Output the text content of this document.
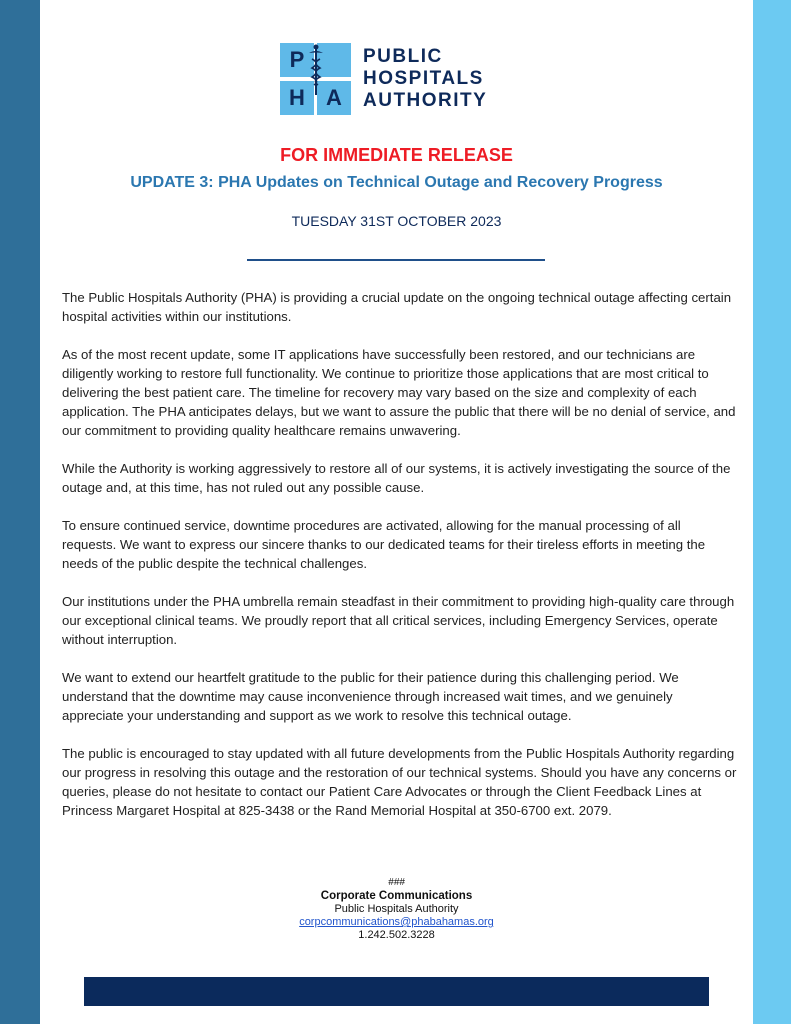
P
H A
PUBLIC
HOSPITALS
AUTHORITY
FOR IMMEDIATE RELEASE
UPDATE 3: PHA Updates on Technical Outage and Recovery Progress
TUESDAY 31ST OCTOBER 2023

The Public Hospitals Authority (PHA) is providing a crucial update on the ongoing technical outage affecting certain hospital activities within our institutions.

As of the most recent update, some IT applications have successfully been restored, and our technicians are diligently working to restore full functionality. We continue to prioritize those applications that are most critical to delivering the best patient care. The timeline for recovery may vary based on the size and complexity of each application. The PHA anticipates delays, but we want to assure the public that there will be no denial of service, and our commitment to providing quality healthcare remains unwavering.

While the Authority is working aggressively to restore all of our systems, it is actively investigating the source of the outage and, at this time, has not ruled out any possible cause.

To ensure continued service, downtime procedures are activated, allowing for the manual processing of all requests. We want to express our sincere thanks to our dedicated teams for their tireless efforts in meeting the needs of the public despite the technical challenges.

Our institutions under the PHA umbrella remain steadfast in their commitment to providing high-quality care through our exceptional clinical teams. We proudly report that all critical services, including Emergency Services, operate without interruption.

We want to extend our heartfelt gratitude to the public for their patience during this challenging period. We understand that the downtime may cause inconvenience through increased wait times, and we genuinely appreciate your understanding and support as we work to resolve this technical outage.

The public is encouraged to stay updated with all future developments from the Public Hospitals Authority regarding our progress in resolving this outage and the restoration of our technical systems. Should you have any concerns or queries, please do not hesitate to contact our Patient Care Advocates or through the Client Feedback Lines at Princess Margaret Hospital at 825-3438 or the Rand Memorial Hospital at 350-6700 ext. 2079.

###
Corporate Communications
Public Hospitals Authority
corpcommunications@phabahamas.org
1.242.502.3228
